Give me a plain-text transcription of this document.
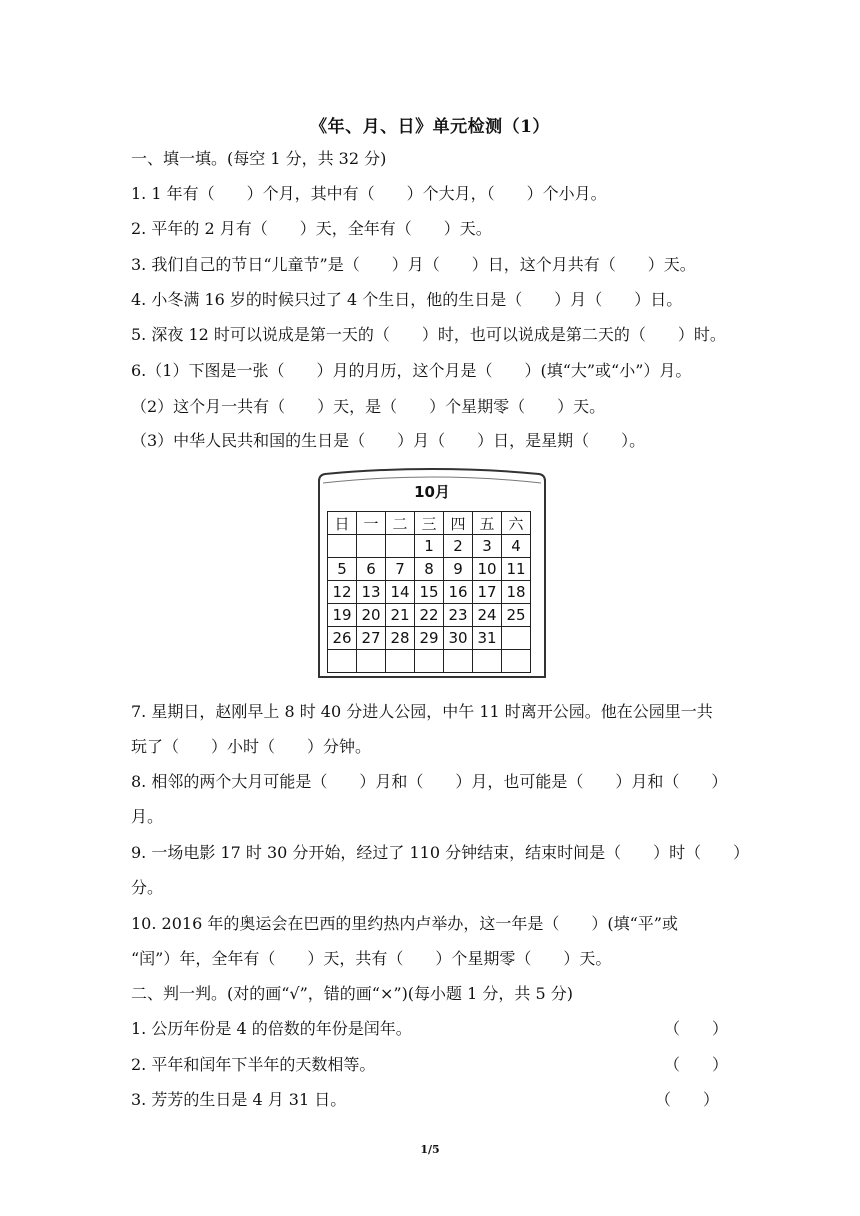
《年、月、日》单元检测（1）
一、填一填。(每空 1 分，共 32 分)
1. 1 年有（　　）个月，其中有（　　）个大月，（　　）个小月。
2. 平年的 2 月有（　　）天，全年有（　　）天。
3. 我们自己的节日“儿童节”是（　　）月（　　）日，这个月共有（　　）天。
4. 小冬满 16 岁的时候只过了 4 个生日，他的生日是（　　）月（　　）日。
5. 深夜 12 时可以说成是第一天的（　　）时，也可以说成是第二天的（　　）时。
6.（1）下图是一张（　　）月的月历，这个月是（　　）(填“大”或“小”）月。
（2）这个月一共有（　　）天，是（　　）个星期零（　　）天。
（3）中华人民共和国的生日是（　　）月（　　）日，是星期（　　）。
10月
日	一	二	三	四	五	六
			1	2	3	4
5	6	7	8	9	10	11
12	13	14	15	16	17	18
19	20	21	22	23	24	25
26	27	28	29	30	31	

7. 星期日，赵刚早上 8 时 40 分进人公园，中午 11 时离开公园。他在公园里一共
玩了（　　）小时（　　）分钟。
8. 相邻的两个大月可能是（　　）月和（　　）月，也可能是（　　）月和（　　）
月。
9. 一场电影 17 时 30 分开始，经过了 110 分钟结束，结束时间是（　　）时（　　）
分。
10. 2016 年的奥运会在巴西的里约热内卢举办，这一年是（　　）(填“平”或
“闰”）年，全年有（　　）天，共有（　　）个星期零（　　）天。
二、判一判。(对的画“√”，错的画“×”)(每小题 1 分，共 5 分)
1. 公历年份是 4 的倍数的年份是闰年。	（　　）
2. 平年和闰年下半年的天数相等。	（　　）
3. 芳芳的生日是 4 月 31 日。	（　　）
1/5
